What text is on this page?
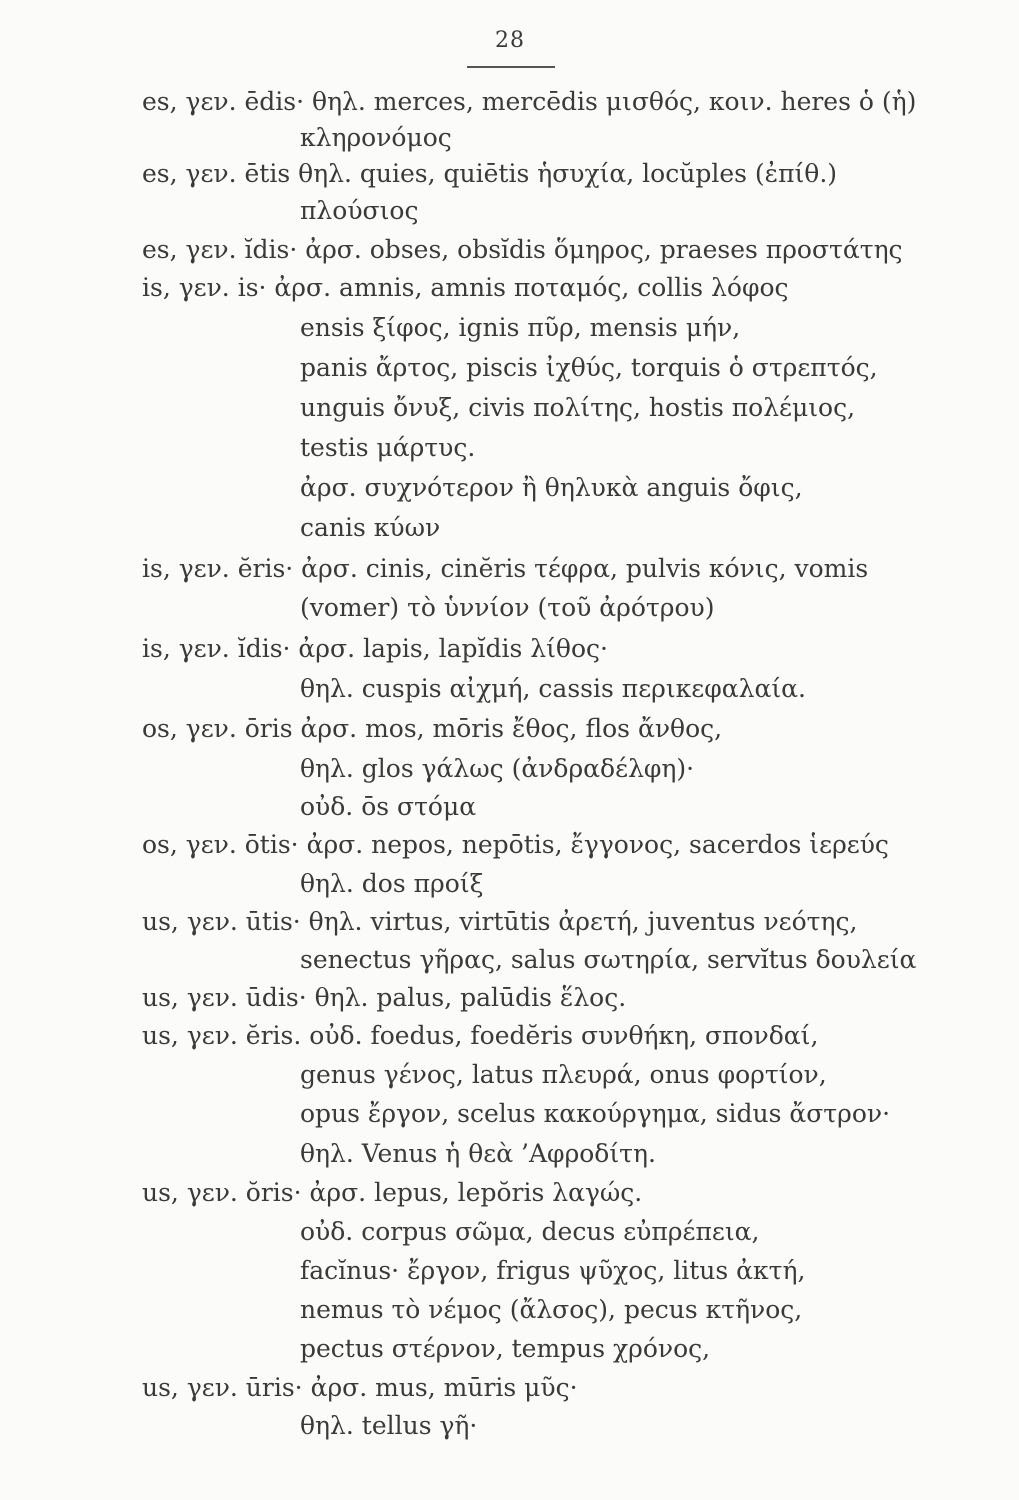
28
es, γεν. ēdis· θηλ. merces, mercēdis μισθός, κοιν. heres ὁ (ἡ)
κληρονόμος
es, γεν. ētis θηλ. quies, quiētis ἡσυχία, locŭples (ἐπίθ.)
πλούσιος
es, γεν. ĭdis· ἀρσ. obses, obsĭdis ὅμηρος, praeses προστάτης
is, γεν. is· ἀρσ. amnis, amnis ποταμός, collis λόφος
ensis ξίφος, ignis πῦρ, mensis μήν,
panis ἄρτος, piscis ἰχθύς, torquis ὁ στρεπτός,
unguis ὄνυξ, civis πολίτης, hostis πολέμιος,
testis μάρτυς.
ἀρσ. συχνότερον ἢ θηλυκὰ anguis ὄφις,
canis κύων
is, γεν. ĕris· ἀρσ. cinis, cinĕris τέφρα, pulvis κόνις, vomis
(vomer) τὸ ὑννίον (τοῦ ἀρότρου)
is, γεν. ĭdis· ἀρσ. lapis, lapĭdis λίθος·
θηλ. cuspis αἰχμή, cassis περικεφαλαία.
os, γεν. ōris ἀρσ. mos, mōris ἔθος, flos ἄνθος,
θηλ. glos γάλως (ἀνδραδέλφη)·
οὐδ. ōs στόμα
os, γεν. ōtis· ἀρσ. nepos, nepōtis, ἔγγονος, sacerdos ἱερεύς
θηλ. dos προίξ
us, γεν. ūtis· θηλ. virtus, virtūtis ἀρετή, juventus νεότης,
senectus γῆρας, salus σωτηρία, servĭtus δουλεία
us, γεν. ūdis· θηλ. palus, palūdis ἕλος.
us, γεν. ĕris. οὐδ. foedus, foedĕris συνθήκη, σπονδαί,
genus γένος, latus πλευρά, onus φορτίον,
opus ἔργον, scelus κακούργημα, sidus ἄστρον·
θηλ. Venus ἡ θεὰ ’Αφροδίτη.
us, γεν. ŏris· ἀρσ. lepus, lepŏris λαγώς.
οὐδ. corpus σῶμα, decus εὐπρέπεια,
facĭnus· ἔργον, frigus ψῦχος, litus ἀκτή,
nemus τὸ νέμος (ἄλσος), pecus κτῆνος,
pectus στέρνον, tempus χρόνος,
us, γεν. ūris· ἀρσ. mus, mūris μῦς·
θηλ. tellus γῆ·
